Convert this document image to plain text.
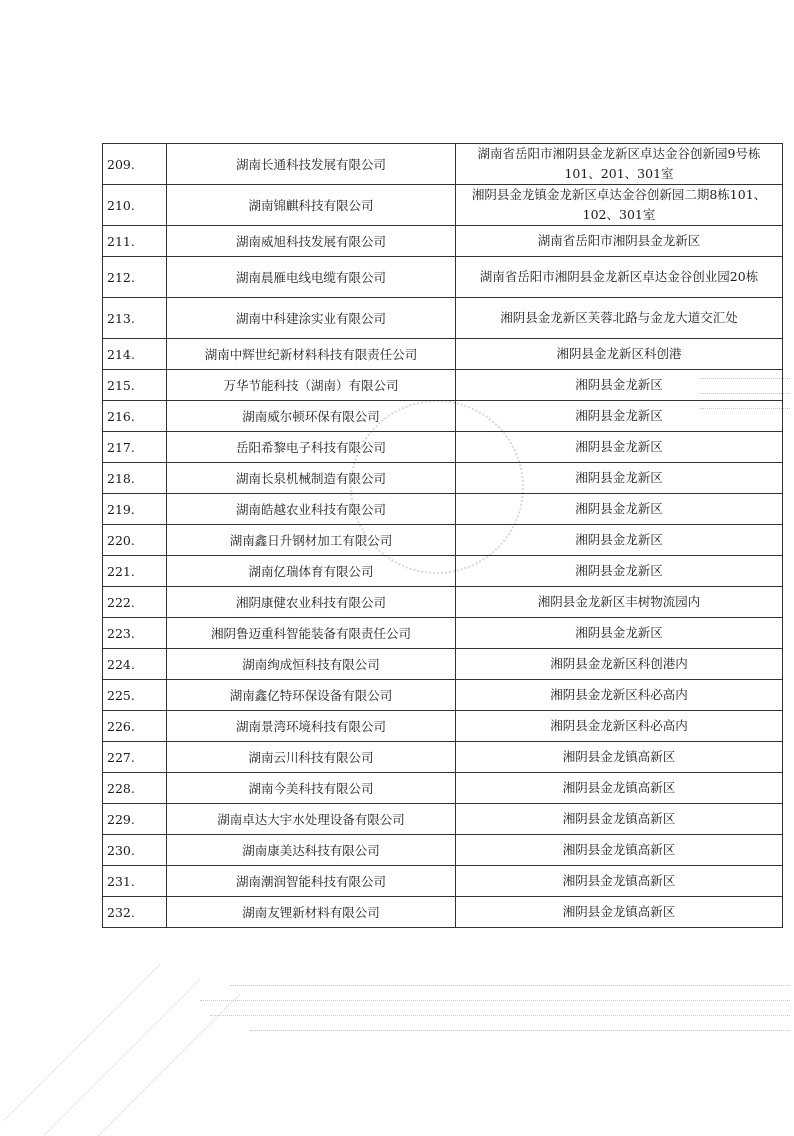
209.	湖南长通科技发展有限公司	湖南省岳阳市湘阴县金龙新区卓达金谷创新园9号栋101、201、301室
210.	湖南锦麒科技有限公司	湘阴县金龙镇金龙新区卓达金谷创新园二期8栋101、102、301室
211.	湖南威旭科技发展有限公司	湖南省岳阳市湘阴县金龙新区
212.	湖南晨雁电线电缆有限公司	湖南省岳阳市湘阴县金龙新区卓达金谷创业园20栋
213.	湖南中科建涂实业有限公司	湘阴县金龙新区芙蓉北路与金龙大道交汇处
214.	湖南中辉世纪新材料科技有限责任公司	湘阴县金龙新区科创港
215.	万华节能科技（湖南）有限公司	湘阴县金龙新区
216.	湖南威尔顿环保有限公司	湘阴县金龙新区
217.	岳阳希黎电子科技有限公司	湘阴县金龙新区
218.	湖南长泉机械制造有限公司	湘阴县金龙新区
219.	湖南皓越农业科技有限公司	湘阴县金龙新区
220.	湖南鑫日升钢材加工有限公司	湘阴县金龙新区
221.	湖南亿瑞体育有限公司	湘阴县金龙新区
222.	湘阴康健农业科技有限公司	湘阴县金龙新区丰树物流园内
223.	湘阴鲁迈重科智能装备有限责任公司	湘阴县金龙新区
224.	湖南绚成恒科技有限公司	湘阴县金龙新区科创港内
225.	湖南鑫亿特环保设备有限公司	湘阴县金龙新区科必高内
226.	湖南景湾环境科技有限公司	湘阴县金龙新区科必高内
227.	湖南云川科技有限公司	湘阴县金龙镇高新区
228.	湖南今美科技有限公司	湘阴县金龙镇高新区
229.	湖南卓达大宇水处理设备有限公司	湘阴县金龙镇高新区
230.	湖南康美达科技有限公司	湘阴县金龙镇高新区
231.	湖南潮润智能科技有限公司	湘阴县金龙镇高新区
232.	湖南友锂新材料有限公司	湘阴县金龙镇高新区
